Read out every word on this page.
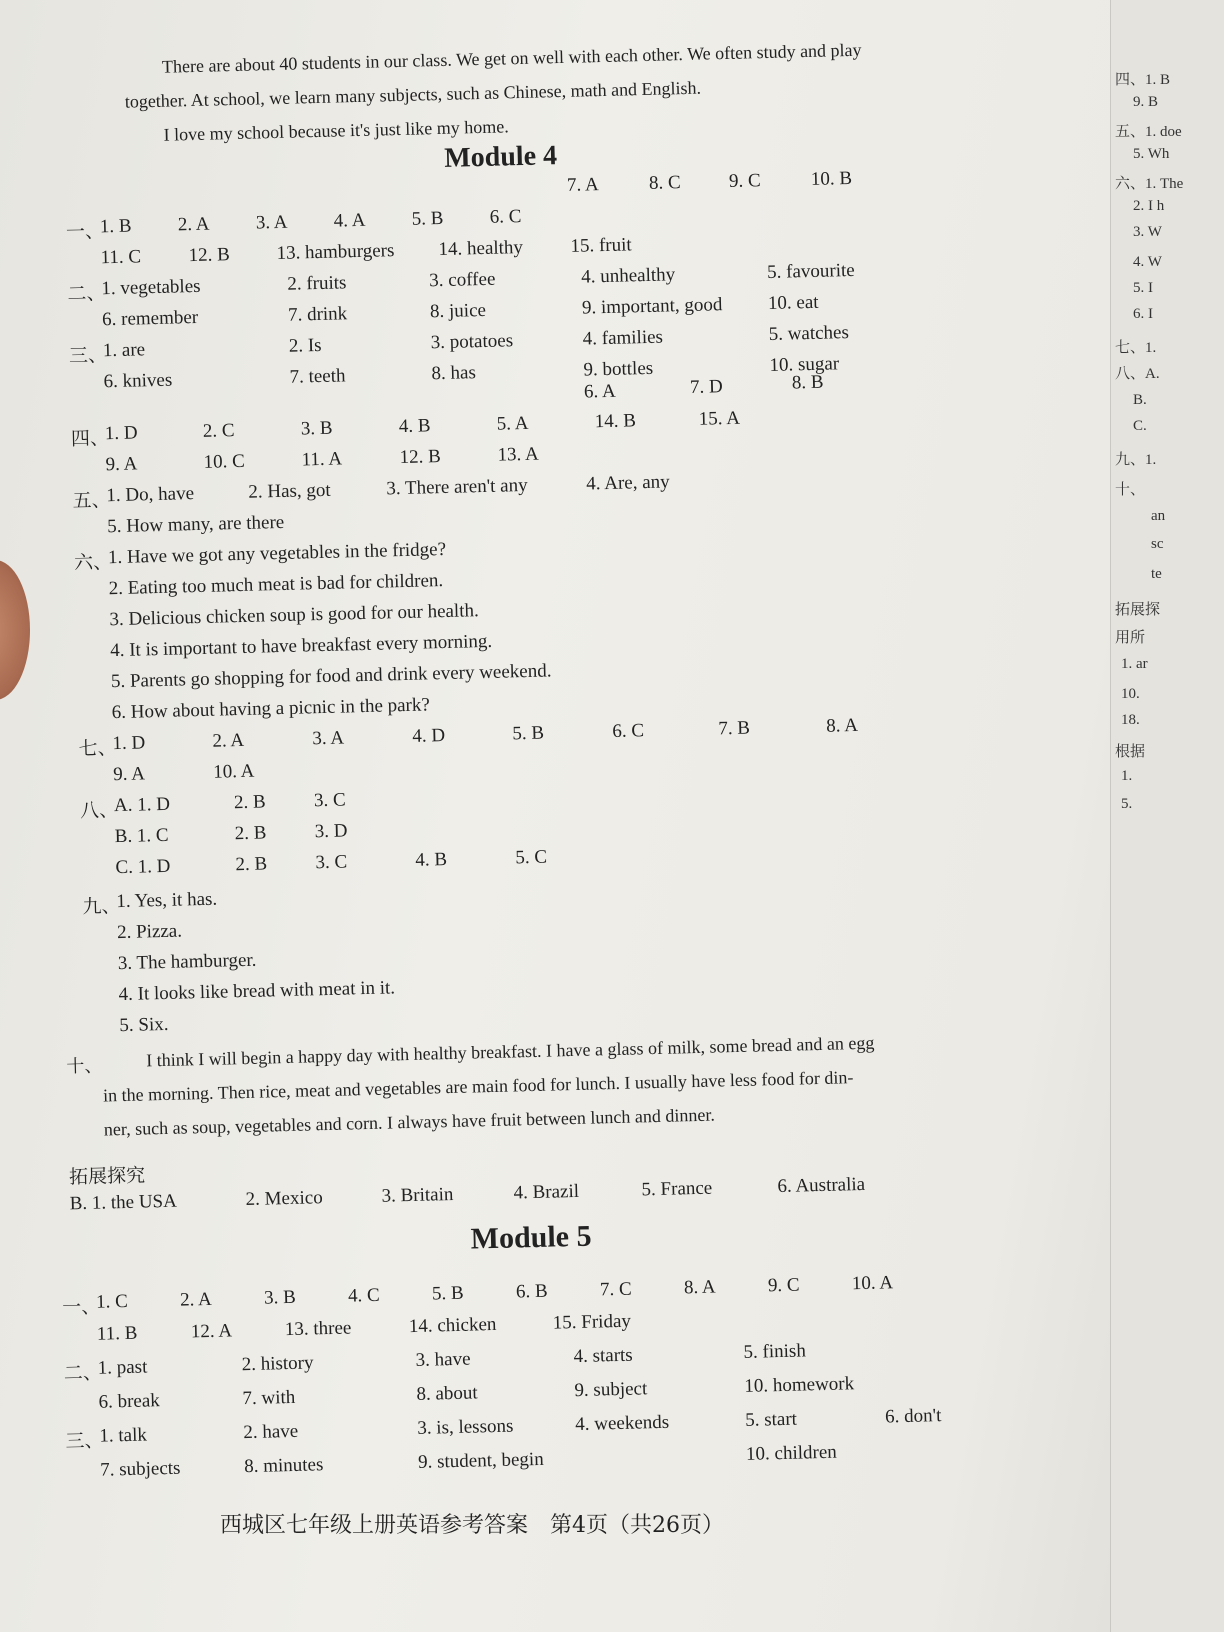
四、1. B
9. B
五、1. doe
5. Wh
六、1. The
2. I h
3. W
4. W
5. I
6. I
七、1.
八、A.
B.
C.
九、1.
十、
an
sc
te
拓展探
用所
1. ar
10.
18.
根据
1.
5.
There are about 40 students in our class. We get on well with each other. We often study and play
together. At school, we learn many subjects, such as Chinese, math and English.
I love my school because it's just like my home.
Module 4
7. A	8. C	9. C	10. B
一、
1. B 2. A 3. A 4. A 5. B 6. C
11. C 12. B 13. hamburgers 14. healthy 15. fruit
二、
1. vegetables	2. fruits	3. coffee	4. unhealthy	5. favourite
6. remember	7. drink	8. juice	9. important, good 10. eat
三、
1. are	2. Is	3. potatoes	4. families	5. watches
6. knives	7. teeth	8. has	9. bottles	10. sugar
6. A	7. D	8. B
四、
1. D	2. C	3. B	4. B	5. A	14. B	15. A
9. A	10. C	11. A	12. B	13. A
五、
1. Do, have	2. Has, got	3. There aren't any	4. Are, any
5. How many, are there
六、
1. Have we got any vegetables in the fridge?
2. Eating too much meat is bad for children.
3. Delicious chicken soup is good for our health.
4. It is important to have breakfast every morning.
5. Parents go shopping for food and drink every weekend.
6. How about having a picnic in the park?
七、
1. D	2. A	3. A	4. D	5. B	6. C	7. B	8. A
9. A	10. A
八、
A. 1. D	2. B	3. C
B. 1. C	2. B	3. D
C. 1. D	2. B	3. C	4. B	5. C
九、
1. Yes, it has.
2. Pizza.
3. The hamburger.
4. It looks like bread with meat in it.
5. Six.
十、 I think I will begin a happy day with healthy breakfast. I have a glass of milk, some bread and an egg
in the morning. Then rice, meat and vegetables are main food for lunch. I usually have less food for din-
ner, such as soup, vegetables and corn. I always have fruit between lunch and dinner.
拓展探究
B. 1. the USA	2. Mexico	3. Britain	4. Brazil	5. France	6. Australia
Module 5
一、
1. C	2. A	3. B	4. C	5. B	6. B	7. C	8. A	9. C	10. A
11. B	12. A	13. three	14. chicken	15. Friday
二、
1. past	2. history	3. have	4. starts	5. finish
6. break	7. with	8. about	9. subject	10. homework
三、
1. talk	2. have	3. is, lessons	4. weekends	5. start	6. don't
7. subjects	8. minutes	9. student, begin	10. children
西城区七年级上册英语参考答案　第4页（共26页）
